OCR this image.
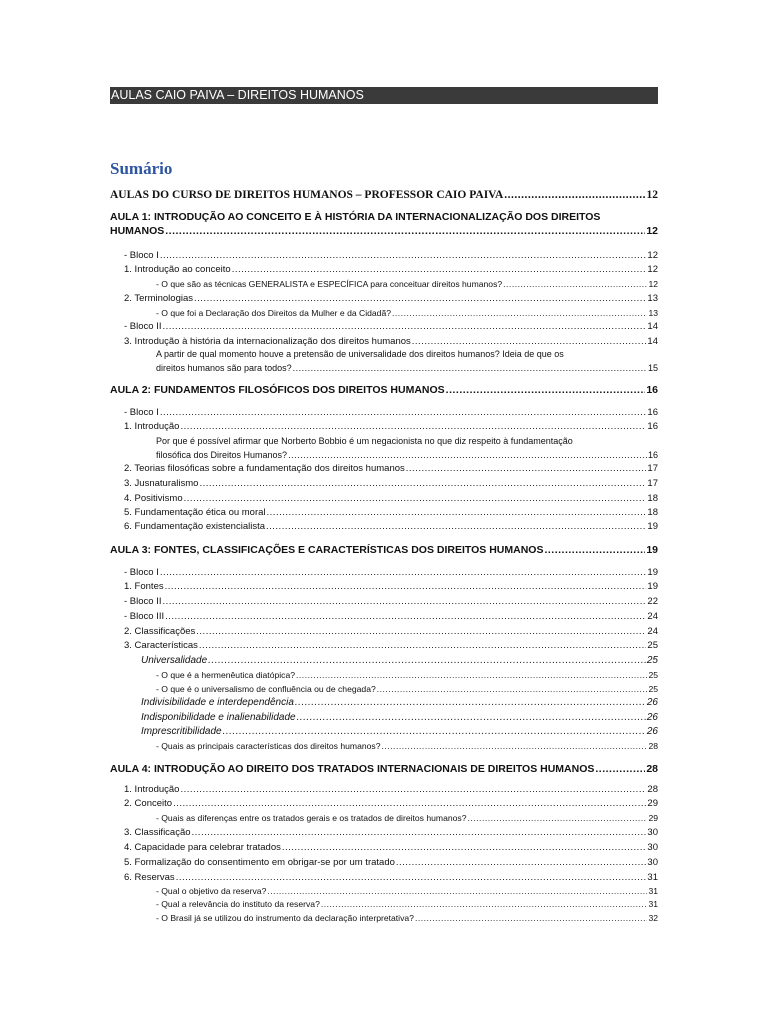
AULAS CAIO PAIVA – DIREITOS HUMANOS
Sumário
AULAS DO CURSO DE DIREITOS HUMANOS – PROFESSOR CAIO PAIVA .....	12
AULA 1: INTRODUÇÃO AO CONCEITO E À HISTÓRIA DA INTERNACIONALIZAÇÃO DOS DIREITOS
HUMANOS .....	12
- Bloco I .....	12
1. Introdução ao conceito .....	12
- O que são as técnicas GENERALISTA e ESPECÍFICA para conceituar direitos humanos? .....	12
2. Terminologias .....	13
- O que foi a Declaração dos Direitos da Mulher e da Cidadã? .....	13
- Bloco II .....	14
3. Introdução à história da internacionalização dos direitos humanos .....	14
A partir de qual momento houve a pretensão de universalidade dos direitos humanos? Ideia de que os
direitos humanos são para todos? .....	15
AULA 2: FUNDAMENTOS FILOSÓFICOS DOS DIREITOS HUMANOS .....	16
- Bloco I .....	16
1. Introdução .....	16
Por que é possível afirmar que Norberto Bobbio é um negacionista no que diz respeito à fundamentação
filosófica dos Direitos Humanos? .....	16
2. Teorias filosóficas sobre a fundamentação dos direitos humanos .....	17
3. Jusnaturalismo .....	17
4. Positivismo .....	18
5. Fundamentação ética ou moral .....	18
6. Fundamentação existencialista .....	19
AULA 3: FONTES, CLASSIFICAÇÕES E CARACTERÍSTICAS DOS DIREITOS HUMANOS .....	19
- Bloco I .....	19
1. Fontes .....	19
- Bloco II .....	22
- Bloco III .....	24
2. Classificações .....	24
3. Características .....	25
Universalidade .....	25
- O que é a hermenêutica diatópica? .....	25
- O que é o universalismo de confluência ou de chegada? .....	25
Indivisibilidade e interdependência .....	26
Indisponibilidade e inalienabilidade .....	26
Imprescritibilidade .....	26
- Quais as principais características dos direitos humanos? .....	28
AULA 4: INTRODUÇÃO AO DIREITO DOS TRATADOS INTERNACIONAIS DE DIREITOS HUMANOS .....	28
1. Introdução .....	28
2. Conceito .....	29
- Quais as diferenças entre os tratados gerais e os tratados de direitos humanos? .....	29
3. Classificação .....	30
4. Capacidade para celebrar tratados .....	30
5. Formalização do consentimento em obrigar-se por um tratado .....	30
6. Reservas .....	31
- Qual o objetivo da reserva? .....	31
- Qual a relevância do instituto da reserva? .....	31
- O Brasil já se utilizou do instrumento da declaração interpretativa? .....	32
